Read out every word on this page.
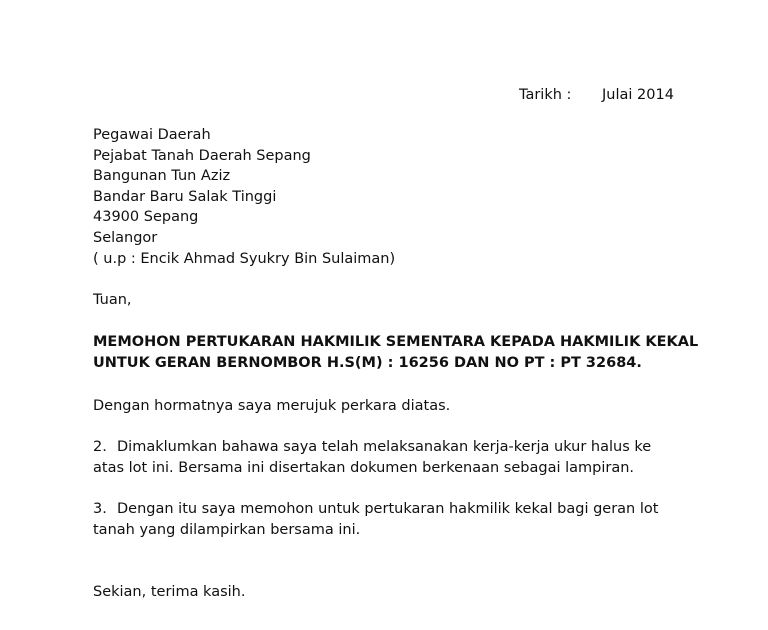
Tarikh : Julai 2014
Pegawai Daerah
Pejabat Tanah Daerah Sepang
Bangunan Tun Aziz
Bandar Baru Salak Tinggi
43900 Sepang
Selangor
( u.p : Encik Ahmad Syukry Bin Sulaiman)
Tuan,
MEMOHON PERTUKARAN HAKMILIK SEMENTARA KEPADA HAKMILIK KEKAL
UNTUK GERAN BERNOMBOR H.S(M) : 16256 DAN NO PT : PT 32684.
Dengan hormatnya saya merujuk perkara diatas.
2. Dimaklumkan bahawa saya telah melaksanakan kerja-kerja ukur halus ke
atas lot ini. Bersama ini disertakan dokumen berkenaan sebagai lampiran.
3. Dengan itu saya memohon untuk pertukaran hakmilik kekal bagi geran lot
tanah yang dilampirkan bersama ini.
Sekian, terima kasih.
